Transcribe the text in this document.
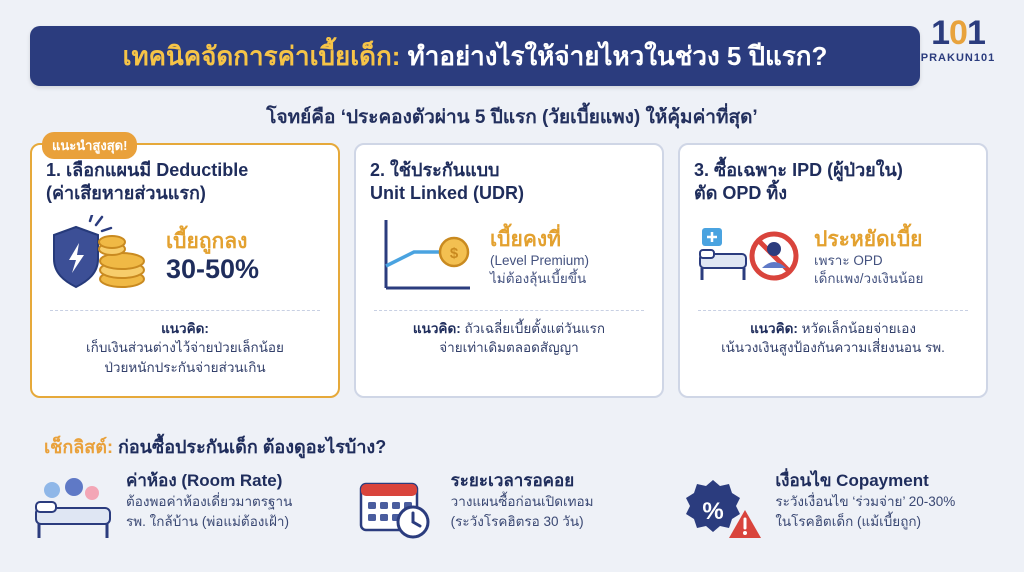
เทคนิคจัดการค่าเบี้ยเด็ก: ทำอย่างไรให้จ่ายไหวในช่วง 5 ปีแรก?
101
PRAKUN101
โจทย์คือ ‘ประคองตัวผ่าน 5 ปีแรก (วัยเบี้ยแพง) ให้คุ้มค่าที่สุด’
แนะนำสูงสุด!
1. เลือกแผนมี Deductible
(ค่าเสียหายส่วนแรก)
เบี้ยถูกลง
30-50%
แนวคิด:
เก็บเงินส่วนต่างไว้จ่ายป่วยเล็กน้อย
ป่วยหนักประกันจ่ายส่วนเกิน
2. ใช้ประกันแบบ
Unit Linked (UDR)
$
เบี้ยคงที่
(Level Premium)
ไม่ต้องลุ้นเบี้ยขึ้น
แนวคิด: ถัวเฉลี่ยเบี้ยตั้งแต่วันแรก
จ่ายเท่าเดิมตลอดสัญญา
3. ซื้อเฉพาะ IPD (ผู้ป่วยใน)
ตัด OPD ทิ้ง
ประหยัดเบี้ย
เพราะ OPD
เด็กแพง/วงเงินน้อย
แนวคิด: หวัดเล็กน้อยจ่ายเอง
เน้นวงเงินสูงป้องกันความเสี่ยงนอน รพ.
เช็กลิสต์: ก่อนซื้อประกันเด็ก ต้องดูอะไรบ้าง?
ค่าห้อง (Room Rate)
ต้องพอค่าห้องเดี่ยวมาตรฐาน
รพ. ใกล้บ้าน (พ่อแม่ต้องเฝ้า)
ระยะเวลารอคอย
วางแผนซื้อก่อนเปิดเทอม
(ระวังโรคฮิตรอ 30 วัน)	%
เงื่อนไข Copayment
ระวังเงื่อนไข ‘ร่วมจ่าย’ 20-30%
ในโรคฮิตเด็ก (แม้เบี้ยถูก)
